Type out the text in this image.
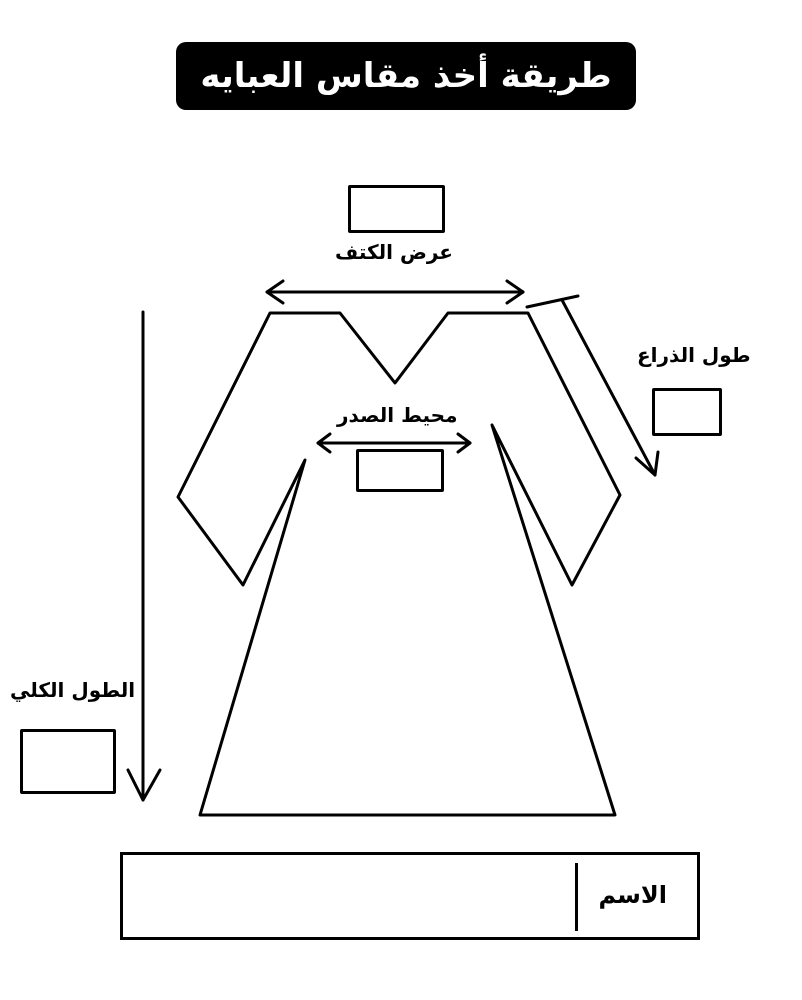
طريقة أخذ مقاس العبايه
عرض الكتف
طول الذراع
محيط الصدر
الطول الكلي
الاسم
